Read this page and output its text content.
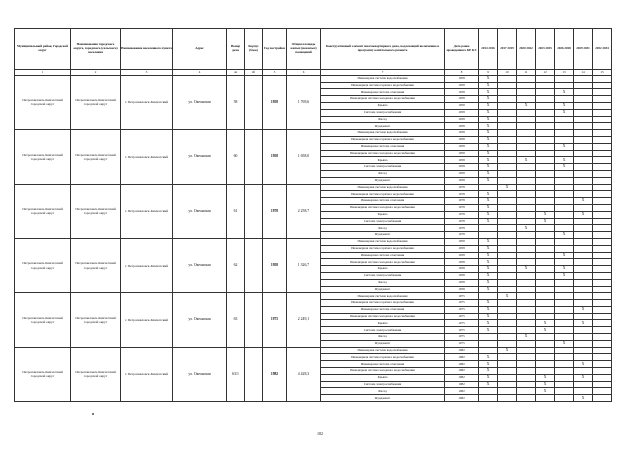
Муниципальный район, Городской округ	Наименование городского округа, городского (сельского) поселения	Наименование населенного пункта	Адрес	Номер дома	Корпус (блок)	Год постройки	Общая площадь жилых (нежилых) помещений	Конструктивный элемент многоквартирного дома, подлежащий включению в программу капитального ремонта	Дата ранее проведенного КР КЭ	2014 2016	2017 2019	2020 2022	2023 2025	2026 2028	2029 2031	2032 2034
1	2	3	4	4а	4б	5	6	7	8	9	10	11	12	13	14	15
Петропавловск-Камчатский городской округ	Петропавловск-Камчатский городской округ	г. Петропавловск-Камчатский	ул. Океанская	58		1958	1 769,6	Инженерная система водоснабжения	1958	X						
								Инженерная система горячего водоснабжения	1958	X						
								Инженерная система отопления	1958	X				X		
								Инженерная система холодного водоснабжения	1958	X						
								Крыша	1958	X		X		X		
								Система электроснабжения	1958	X				X		
								Фасад	1958	X						
								Фундамент	1958	X						
Петропавловск-Камчатский городской округ	Петропавловск-Камчатский городской округ	г. Петропавловск-Камчатский	ул. Океанская	60		1958	1 658,0	Инженерная система водоснабжения	1958	X						
								Инженерная система горячего водоснабжения	1958	X						
								Инженерная система отопления	1958	X				X		
								Инженерная система холодного водоснабжения	1958	X						
								Крыша	1958	X		X		X		
								Система электроснабжения	1958	X				X		
								Фасад	1958	X						
								Фундамент	1958	X						
Петропавловск-Камчатский городской округ	Петропавловск-Камчатский городской округ	г. Петропавловск-Камчатский	ул. Океанская	61		1978	2 258,7	Инженерная система водоснабжения	1978		X					
								Инженерная система горячего водоснабжения	1978	X						
								Инженерная система отопления	1978	X					X	
								Инженерная система холодного водоснабжения	1978	X						
								Крыша	1978	X			X		X	
								Система электроснабжения	1978	X			X			
								Фасад	1978			X				
								Фундамент	1978					X		
Петропавловск-Камчатский городской округ	Петропавловск-Камчатский городской округ	г. Петропавловск-Камчатский	ул. Океанская	62		1958	1 326,7	Инженерная система водоснабжения	1958	X						
								Инженерная система горячего водоснабжения	1958	X						
								Инженерная система отопления	1958	X				X		
								Инженерная система холодного водоснабжения	1958	X						
								Крыша	1958	X		X		X		
								Система электроснабжения	1958	X				X		
								Фасад	1958	X						
								Фундамент	1958	X						
Петропавловск-Камчатский городской округ	Петропавловск-Камчатский городской округ	г. Петропавловск-Камчатский	ул. Океанская	63		1975	2 249,1	Инженерная система водоснабжения	1975		X					
								Инженерная система горячего водоснабжения	1975	X						
								Инженерная система отопления	1975	X					X	
								Инженерная система холодного водоснабжения	1975	X						
								Крыша	1975	X			X		X	
								Система электроснабжения	1975	X			X			
								Фасад	1975			X				
								Фундамент	1975					X		
Петропавловск-Камчатский городской округ	Петропавловск-Камчатский городской округ	г. Петропавловск-Камчатский	ул. Океанская	63/1		1982	4 428,3	Инженерная система водоснабжения	1982		X					
								Инженерная система горячего водоснабжения	1982	X						
								Инженерная система отопления	1982	X					X	
								Инженерная система холодного водоснабжения	1982	X						
								Крыша	1982	X			X		X	
								Система электроснабжения	1982	X			X			
								Фасад	1982				X			
								Фундамент	1982						X	
182
